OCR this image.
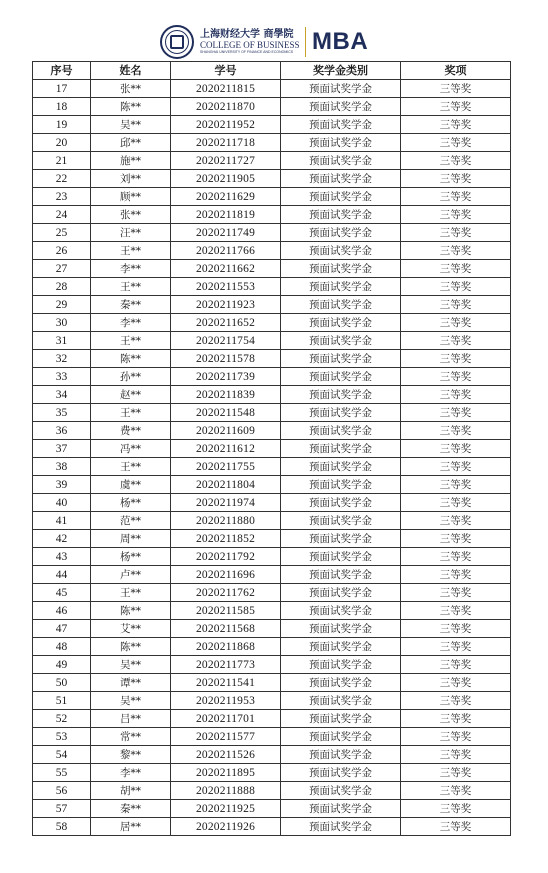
上海财经大学 商學院
COLLEGE OF BUSINESS
SHANGHAI UNIVERSITY OF FINANCE AND ECONOMICS MBA
序号	姓名	学号	奖学金类别	奖项
17	张**	2020211815	预面试奖学金	三等奖
18	陈**	2020211870	预面试奖学金	三等奖
19	吴**	2020211952	预面试奖学金	三等奖
20	邱**	2020211718	预面试奖学金	三等奖
21	施**	2020211727	预面试奖学金	三等奖
22	刘**	2020211905	预面试奖学金	三等奖
23	顾**	2020211629	预面试奖学金	三等奖
24	张**	2020211819	预面试奖学金	三等奖
25	汪**	2020211749	预面试奖学金	三等奖
26	王**	2020211766	预面试奖学金	三等奖
27	李**	2020211662	预面试奖学金	三等奖
28	王**	2020211553	预面试奖学金	三等奖
29	秦**	2020211923	预面试奖学金	三等奖
30	李**	2020211652	预面试奖学金	三等奖
31	王**	2020211754	预面试奖学金	三等奖
32	陈**	2020211578	预面试奖学金	三等奖
33	孙**	2020211739	预面试奖学金	三等奖
34	赵**	2020211839	预面试奖学金	三等奖
35	王**	2020211548	预面试奖学金	三等奖
36	费**	2020211609	预面试奖学金	三等奖
37	冯**	2020211612	预面试奖学金	三等奖
38	王**	2020211755	预面试奖学金	三等奖
39	虞**	2020211804	预面试奖学金	三等奖
40	杨**	2020211974	预面试奖学金	三等奖
41	范**	2020211880	预面试奖学金	三等奖
42	周**	2020211852	预面试奖学金	三等奖
43	杨**	2020211792	预面试奖学金	三等奖
44	卢**	2020211696	预面试奖学金	三等奖
45	王**	2020211762	预面试奖学金	三等奖
46	陈**	2020211585	预面试奖学金	三等奖
47	艾**	2020211568	预面试奖学金	三等奖
48	陈**	2020211868	预面试奖学金	三等奖
49	吴**	2020211773	预面试奖学金	三等奖
50	谭**	2020211541	预面试奖学金	三等奖
51	吴**	2020211953	预面试奖学金	三等奖
52	吕**	2020211701	预面试奖学金	三等奖
53	常**	2020211577	预面试奖学金	三等奖
54	黎**	2020211526	预面试奖学金	三等奖
55	李**	2020211895	预面试奖学金	三等奖
56	胡**	2020211888	预面试奖学金	三等奖
57	秦**	2020211925	预面试奖学金	三等奖
58	居**	2020211926	预面试奖学金	三等奖
